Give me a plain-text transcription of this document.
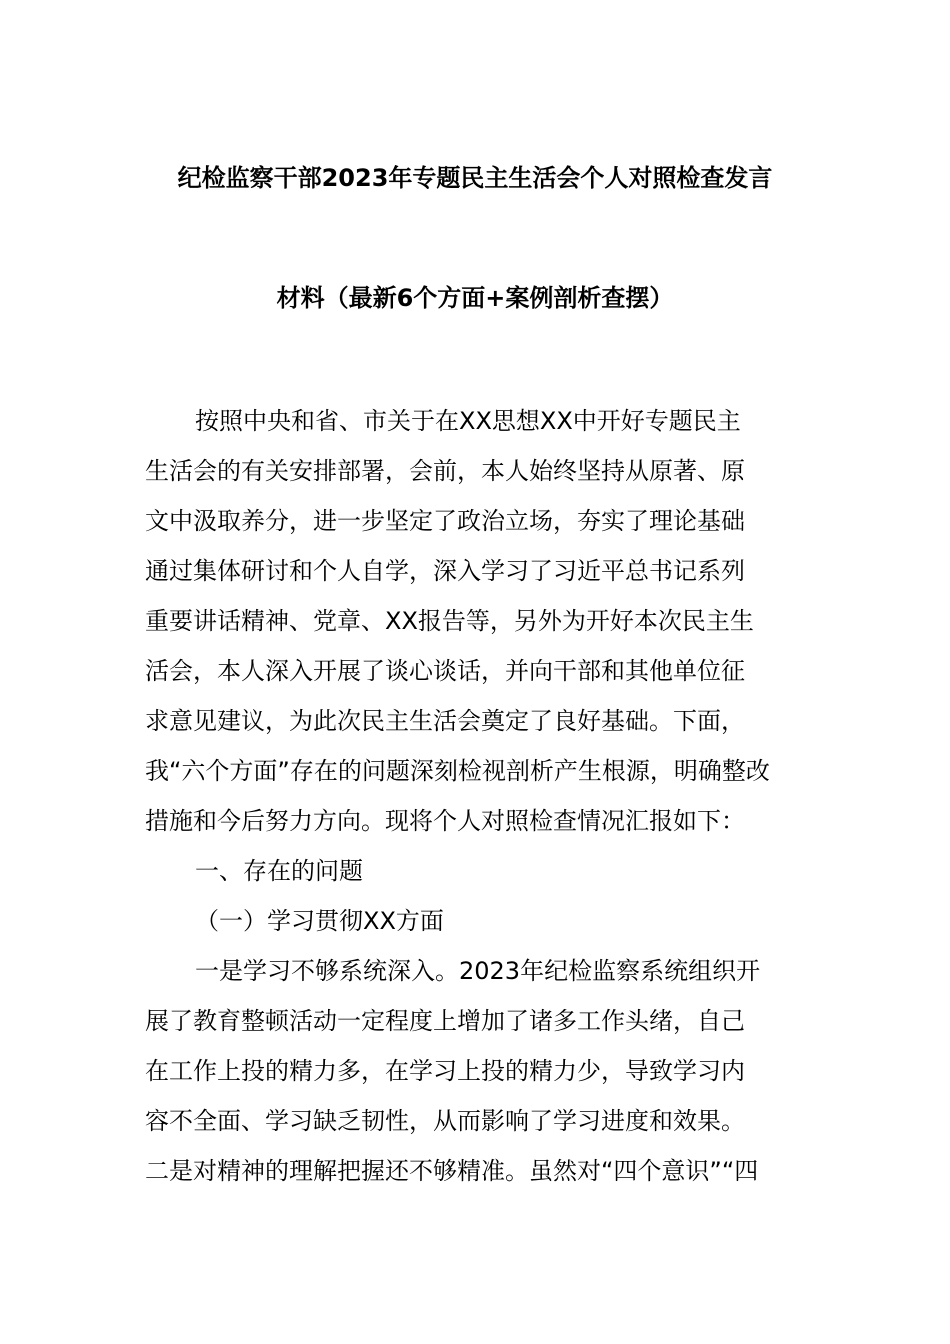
纪检监察干部2023年专题民主生活会个人对照检查发言
材料（最新6个方面+案例剖析查摆）
按照中央和省、市关于在XX思想XX中开好专题民主
生活会的有关安排部署，会前，本人始终坚持从原著、原
文中汲取养分，进一步坚定了政治立场，夯实了理论基础
通过集体研讨和个人自学，深入学习了习近平总书记系列
重要讲话精神、党章、XX报告等，另外为开好本次民主生
活会，本人深入开展了谈心谈话，并向干部和其他单位征
求意见建议，为此次民主生活会奠定了良好基础。下面，
我“六个方面”存在的问题深刻检视剖析产生根源，明确整改
措施和今后努力方向。现将个人对照检查情况汇报如下：
一、存在的问题
（一）学习贯彻XX方面
一是学习不够系统深入。2023年纪检监察系统组织开
展了教育整顿活动一定程度上增加了诸多工作头绪，自己
在工作上投的精力多，在学习上投的精力少，导致学习内
容不全面、学习缺乏韧性，从而影响了学习进度和效果。
二是对精神的理解把握还不够精准。虽然对“四个意识”“四
